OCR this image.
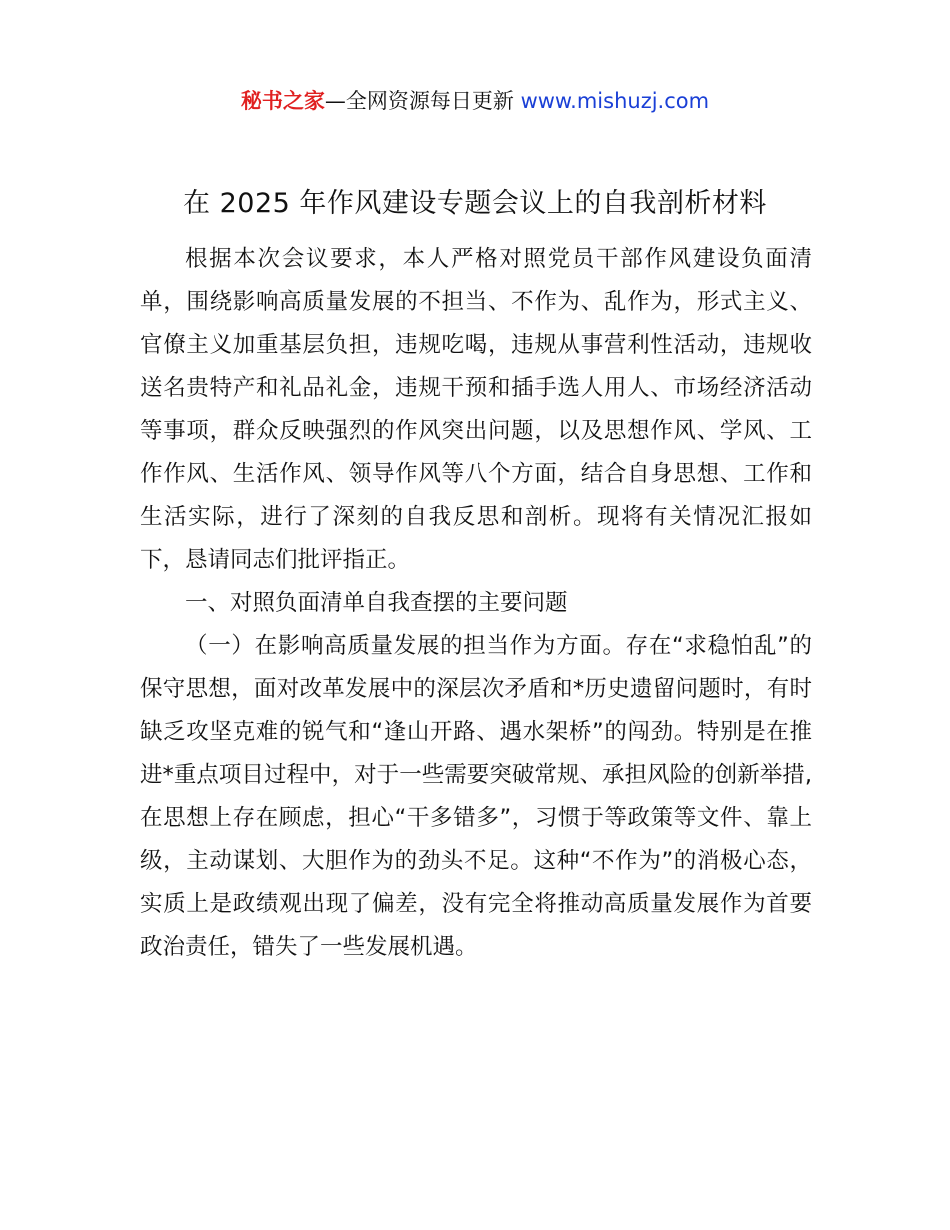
秘书之家—全网资源每日更新 www.mishuzj.com
在 2025 年作风建设专题会议上的自我剖析材料

根据本次会议要求，本人严格对照党员干部作风建设负面清单，围绕影响高质量发展的不担当、不作为、乱作为，形式主义、官僚主义加重基层负担，违规吃喝，违规从事营利性活动，违规收送名贵特产和礼品礼金，违规干预和插手选人用人、市场经济活动等事项，群众反映强烈的作风突出问题，以及思想作风、学风、工作作风、生活作风、领导作风等八个方面，结合自身思想、工作和生活实际，进行了深刻的自我反思和剖析。现将有关情况汇报如下，恳请同志们批评指正。

一、对照负面清单自我查摆的主要问题

（一）在影响高质量发展的担当作为方面。存在“求稳怕乱”的保守思想，面对改革发展中的深层次矛盾和*历史遗留问题时，有时缺乏攻坚克难的锐气和“逢山开路、遇水架桥”的闯劲。特别是在推进*重点项目过程中，对于一些需要突破常规、承担风险的创新举措,在思想上存在顾虑，担心“干多错多”，习惯于等政策等文件、靠上级，主动谋划、大胆作为的劲头不足。这种“不作为”的消极心态，实质上是政绩观出现了偏差，没有完全将推动高质量发展作为首要政治责任，错失了一些发展机遇。
